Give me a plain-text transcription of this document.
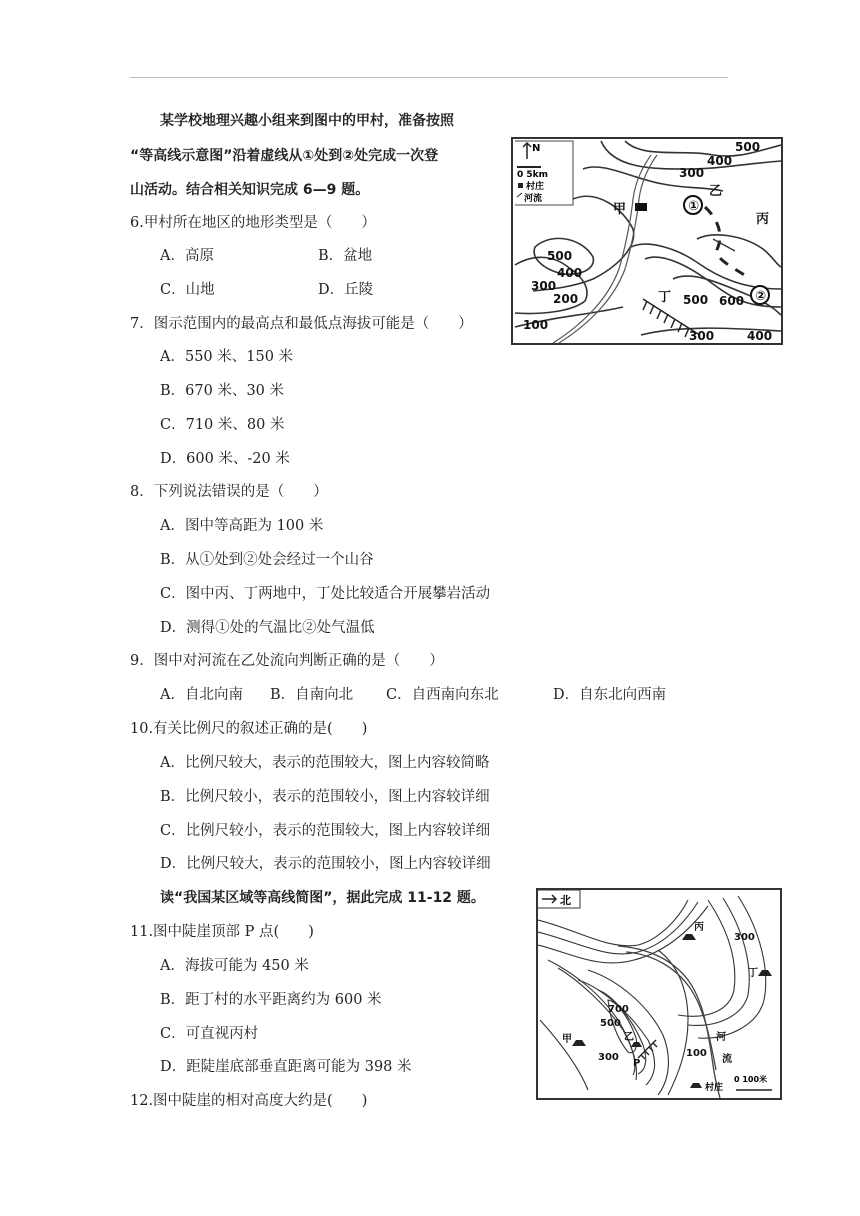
某学校地理兴趣小组来到图中的甲村，准备按照
“等高线示意图”沿着虚线从①处到②处完成一次登
山活动。结合相关知识完成 6—9 题。
6.甲村所在地区的地形类型是（　　）
A．高原	B．盆地
C．山地	D．丘陵
7．图示范围内的最高点和最低点海拔可能是（　　）
A．550 米、150 米
B．670 米、30 米
C．710 米、80 米
D．600 米、-20 米
8．下列说法错误的是（　　）
A．图中等高距为 100 米
B．从①处到②处会经过一个山谷
C．图中丙、丁两地中，丁处比较适合开展攀岩活动
D．测得①处的气温比②处气温低
9．图中对河流在乙处流向判断正确的是（　　）
A．自北向南 B．自南向北 C．自西南向东北	D．自东北向西南
10.有关比例尺的叙述正确的是(　　)
A．比例尺较大，表示的范围较大，图上内容较简略
B．比例尺较小，表示的范围较小，图上内容较详细
C．比例尺较小，表示的范围较大，图上内容较详细
D．比例尺较大，表示的范围较小，图上内容较详细
读“我国某区域等高线简图”，据此完成 11-12 题。
11.图中陡崖顶部 P 点(　　)
A．海拔可能为 450 米
B．距丁村的水平距离约为 600 米
C．可直视丙村
D．距陡崖底部垂直距离可能为 398 米
12.图中陡崖的相对高度大约是(　　)
N
0 5km
村庄
河流
500
400
300
乙
甲	①
丙
500
400
300
200	丁 500 600 ②
100
300	400
北
丙
300
丁
700
500
甲	乙
300
P
100
河
流
村庄
0 100米
